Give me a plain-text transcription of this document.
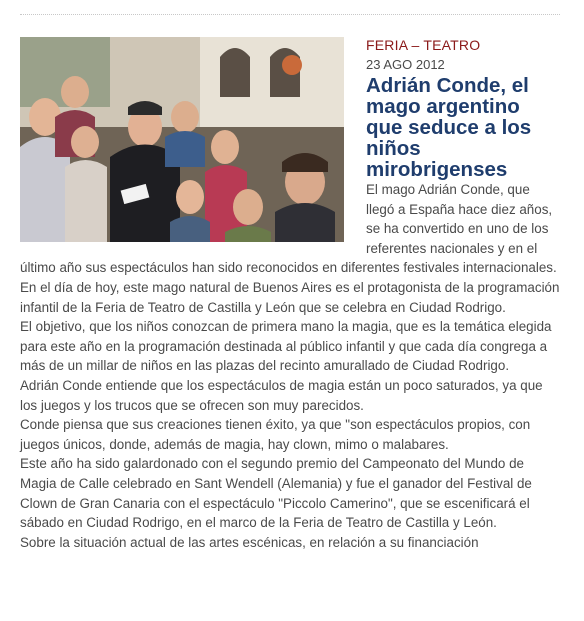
FERIA – TEATRO
23 AGO 2012
Adrián Conde, el mago argentino que seduce a los niños mirobrigenses

El mago Adrián Conde, que llegó a España hace diez años, se ha convertido en uno de los referentes nacionales y en el último año sus espectáculos han sido reconocidos en diferentes festivales internacionales.

En el día de hoy, este mago natural de Buenos Aires es el protagonista de la programación infantil de la Feria de Teatro de Castilla y León que se celebra en Ciudad Rodrigo.

El objetivo, que los niños conozcan de primera mano la magia, que es la temática elegida para este año en la programación destinada al público infantil y que cada día congrega a más de un millar de niños en las plazas del recinto amurallado de Ciudad Rodrigo.

Adrián Conde entiende que los espectáculos de magia están un poco saturados, ya que los juegos y los trucos que se ofrecen son muy parecidos.

Conde piensa que sus creaciones tienen éxito, ya que "son espectáculos propios, con juegos únicos, donde, además de magia, hay clown, mimo o malabares.

Este año ha sido galardonado con el segundo premio del Campeonato del Mundo de Magia de Calle celebrado en Sant Wendell (Alemania) y fue el ganador del Festival de Clown de Gran Canaria con el espectáculo "Piccolo Camerino", que se escenificará el sábado en Ciudad Rodrigo, en el marco de la Feria de Teatro de Castilla y León.

Sobre la situación actual de las artes escénicas, en relación a su financiación
